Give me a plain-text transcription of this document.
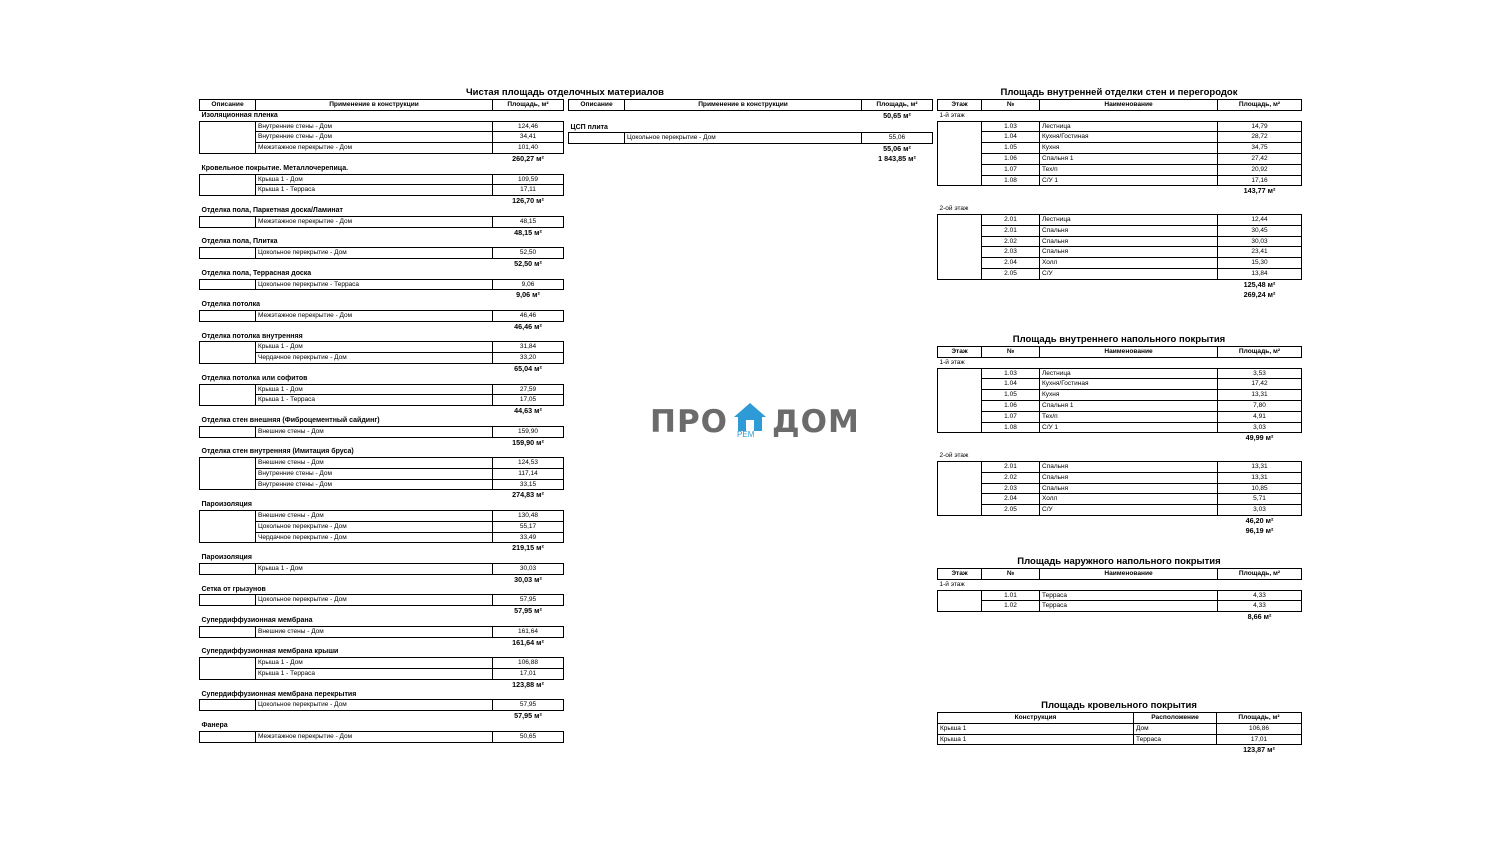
Чистая площадь отделочных материалов
Описание	Применение в конструкции	Площадь, м²
Изоляционная пленка		
	Внутренние стены - Дом	124,46
	Внутренние стены - Дом	34,41
	Межэтажное перекрытие - Дом	101,40
		260,27 м²
Кровельное покрытие. Металлочерепица.		
	Крыша 1 - Дом	109,59
	Крыша 1 - Терраса	17,11
		126,70 м²
Отделка пола, Паркетная доска/Ламинат		
	Межэтажное перекрытие - Дом	48,15
		48,15 м²
Отделка пола, Плитка		
	Цокольное перекрытие - Дом	52,50
		52,50 м²
Отделка пола, Террасная доска		
	Цокольное перекрытие - Терраса	9,06
		9,06 м²
Отделка потолка		
	Межэтажное перекрытие - Дом	46,46
		46,46 м²
Отделка потолка внутренняя		
	Крыша 1 - Дом	31,84
	Чердачное перекрытие - Дом	33,20
		65,04 м²
Отделка потолка или софитов		
	Крыша 1 - Дом	27,59
	Крыша 1 - Терраса	17,05
		44,63 м²
Отделка стен внешняя (Фиброцементный сайдинг)		
	Внешние стены - Дом	159,90
		159,90 м²
Отделка стен внутренняя (Имитация бруса)		
	Внешние стены - Дом	124,53
	Внутренние стены - Дом	117,14
	Внутренние стены - Дом	33,15
		274,83 м²
Пароизоляция		
	Внешние стены - Дом	130,48
	Цокольное перекрытие - Дом	55,17
	Чердачное перекрытие - Дом	33,49
		219,15 м²
Пароизоляция		
	Крыша 1 - Дом	30,03
		30,03 м²
Сетка от грызунов		
	Цокольное перекрытие - Дом	57,95
		57,95 м²
Супердиффузионная мембрана		
	Внешние стены - Дом	161,64
		161,64 м²
Супердиффузионная мембрана крыши		
	Крыша 1 - Дом	106,88
	Крыша 1 - Терраса	17,01
		123,88 м²
Супердиффузионная мембрана перекрытия		
	Цокольное перекрытие - Дом	57,95
		57,95 м²
Фанера		
	Межэтажное перекрытие - Дом	50,65
Описание	Применение в конструкции	Площадь, м²
		50,65 м²
ЦСП плита		
	Цокольное перекрытие - Дом	55,06
		55,06 м²
		1 843,85 м²
ПРО РЕМ ДОМ
Площадь внутренней отделки стен и перегородок
Этаж	№	Наименование	Площадь, м²
1-й этаж			
	1.03	Лестница	14,79
	1.04	Кухня/Гостиная	28,72
	1.05	Кухня	34,75
	1.06	Спальня 1	27,42
	1.07	Тех/п	20,92
	1.08	С/У 1	17,16
			143,77 м²
2-ой этаж			
	2.01	Лестница	12,44
	2.01	Спальня	30,45
	2.02	Спальня	30,03
	2.03	Спальня	23,41
	2.04	Холл	15,30
	2.05	С/У	13,84
			125,48 м²
			269,24 м²
Площадь внутреннего напольного покрытия
Этаж	№	Наименование	Площадь, м²
1-й этаж			
	1.03	Лестница	3,53
	1.04	Кухня/Гостиная	17,42
	1.05	Кухня	13,31
	1.06	Спальня 1	7,80
	1.07	Тех/п	4,91
	1.08	С/У 1	3,03
			49,99 м²
2-ой этаж			
	2.01	Спальня	13,31
	2.02	Спальня	13,31
	2.03	Спальня	10,85
	2.04	Холл	5,71
	2.05	С/У	3,03
			46,20 м²
			96,19 м²
Площадь наружного напольного покрытия
Этаж	№	Наименование	Площадь, м²
1-й этаж			
	1.01	Терраса	4,33
	1.02	Терраса	4,33
			8,66 м²
Площадь кровельного покрытия
Конструкция	Расположение	Площадь, м²
Крыша 1	Дом	106,86
Крыша 1	Терраса	17,01
		123,87 м²
